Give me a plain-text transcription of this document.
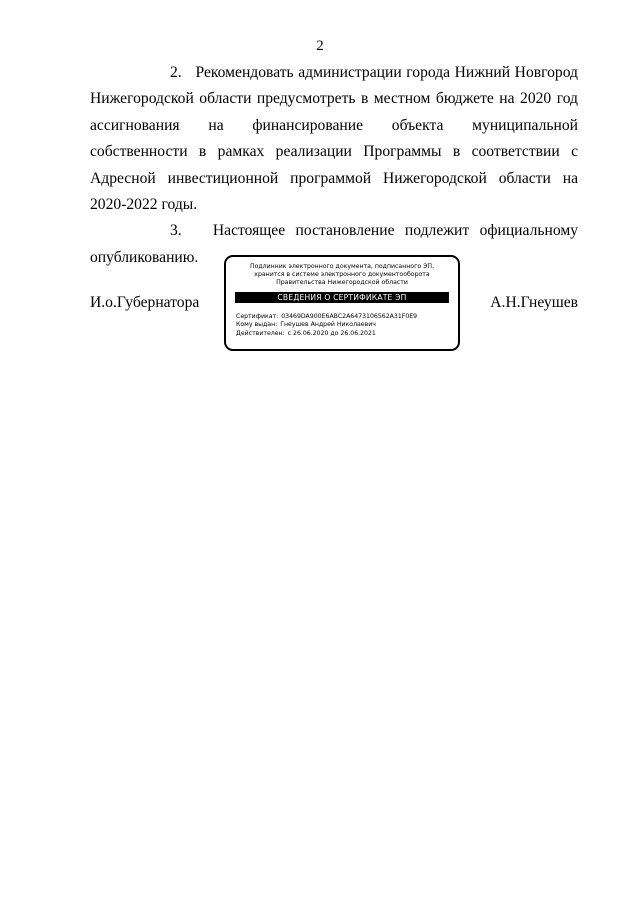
2

2. Рекомендовать администрации города Нижний Новгород Нижегородской области предусмотреть в местном бюджете на 2020 год ассигнования на финансирование объекта муниципальной собственности в рамках реализации Программы в соответствии с Адресной инвестиционной программой Нижегородской области на 2020-2022 годы.

3. Настоящее постановление подлежит официальному опубликованию.

И.о.Губернатора
Подлинник электронного документа, подписанного ЭП,
хранится в системе электронного документооборота
Правительства Нижегородской области
СВЕДЕНИЯ О СЕРТИФИКАТЕ ЭП
Сертификат: 03469DA900E6ABC2A6473106562A31F0E9
Кому выдан: Гнеушев Андрей Николаевич
Действителен: с 26.06.2020 до 26.06.2021
А.Н.Гнеушев
